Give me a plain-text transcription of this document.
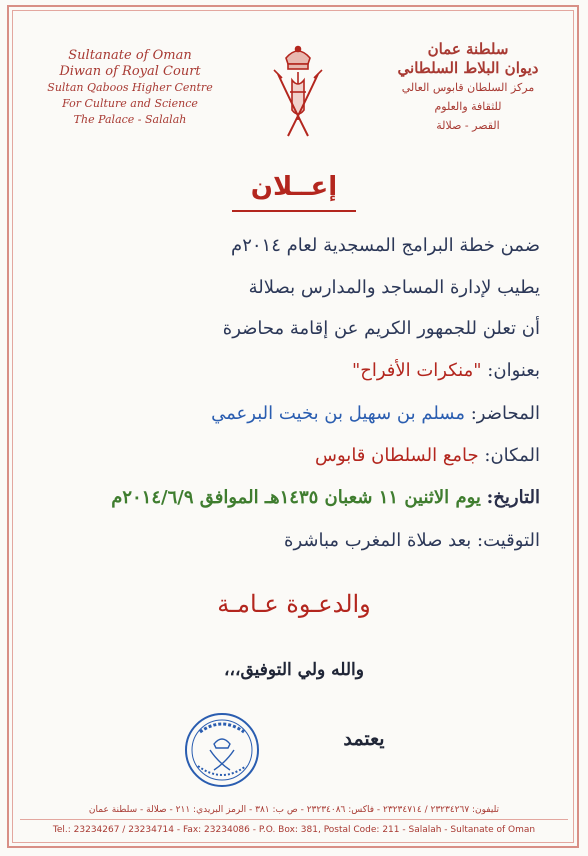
Sultanate of Oman
Diwan of Royal Court
Sultan Qaboos Higher Centre
For Culture and Science
The Palace - Salalah
سلطنة عمان
ديوان البلاط السلطاني
مركز السلطان قابوس العالي
للثقافة والعلوم
القصر - صلالة
إعــلان
ضمن خطة البرامج المسجدية لعام ٢٠١٤م
يطيب لإدارة المساجد والمدارس بصلالة
أن تعلن للجمهور الكريم عن إقامة محاضرة
بعنوان: "منكرات الأفراح"
المحاضر: مسلم بن سهيل بن بخيت البرعمي
المكان: جامع السلطان قابوس
التاريخ: يوم الاثنين ١١ شعبان ١٤٣٥هـ الموافق ٢٠١٤/٦/٩م
التوقيت: بعد صلاة المغرب مباشرة
والدعـوة عـامـة
والله ولي التوفيق،،،
يعتمد
تليفون: ٢٣٢٣٤٢٦٧ / ٢٣٢٣٤٧١٤ - فاكس: ٢٣٢٣٤٠٨٦ - ص ب: ٣٨١ - الرمز البريدي: ٢١١ - صلالة - سلطنة عمان
Tel.: 23234267 / 23234714 - Fax: 23234086 - P.O. Box: 381, Postal Code: 211 - Salalah - Sultanate of Oman
